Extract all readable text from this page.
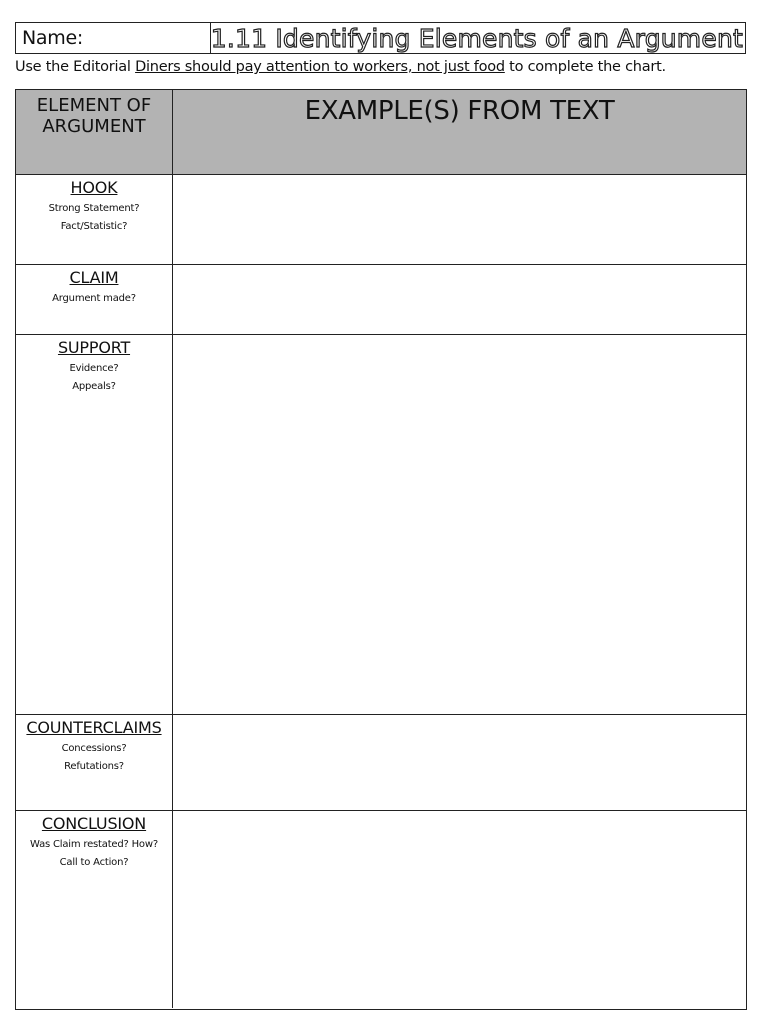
Name:	1.11 Identifying Elements of an Argument
Use the Editorial Diners should pay attention to workers, not just food to complete the chart.
ELEMENT OF
ARGUMENT
EXAMPLE(S) FROM TEXT
HOOK
Strong Statement?
Fact/Statistic?
CLAIM
Argument made?
SUPPORT
Evidence?
Appeals?
COUNTERCLAIMS
Concessions?
Refutations?
CONCLUSION
Was Claim restated? How?
Call to Action?
